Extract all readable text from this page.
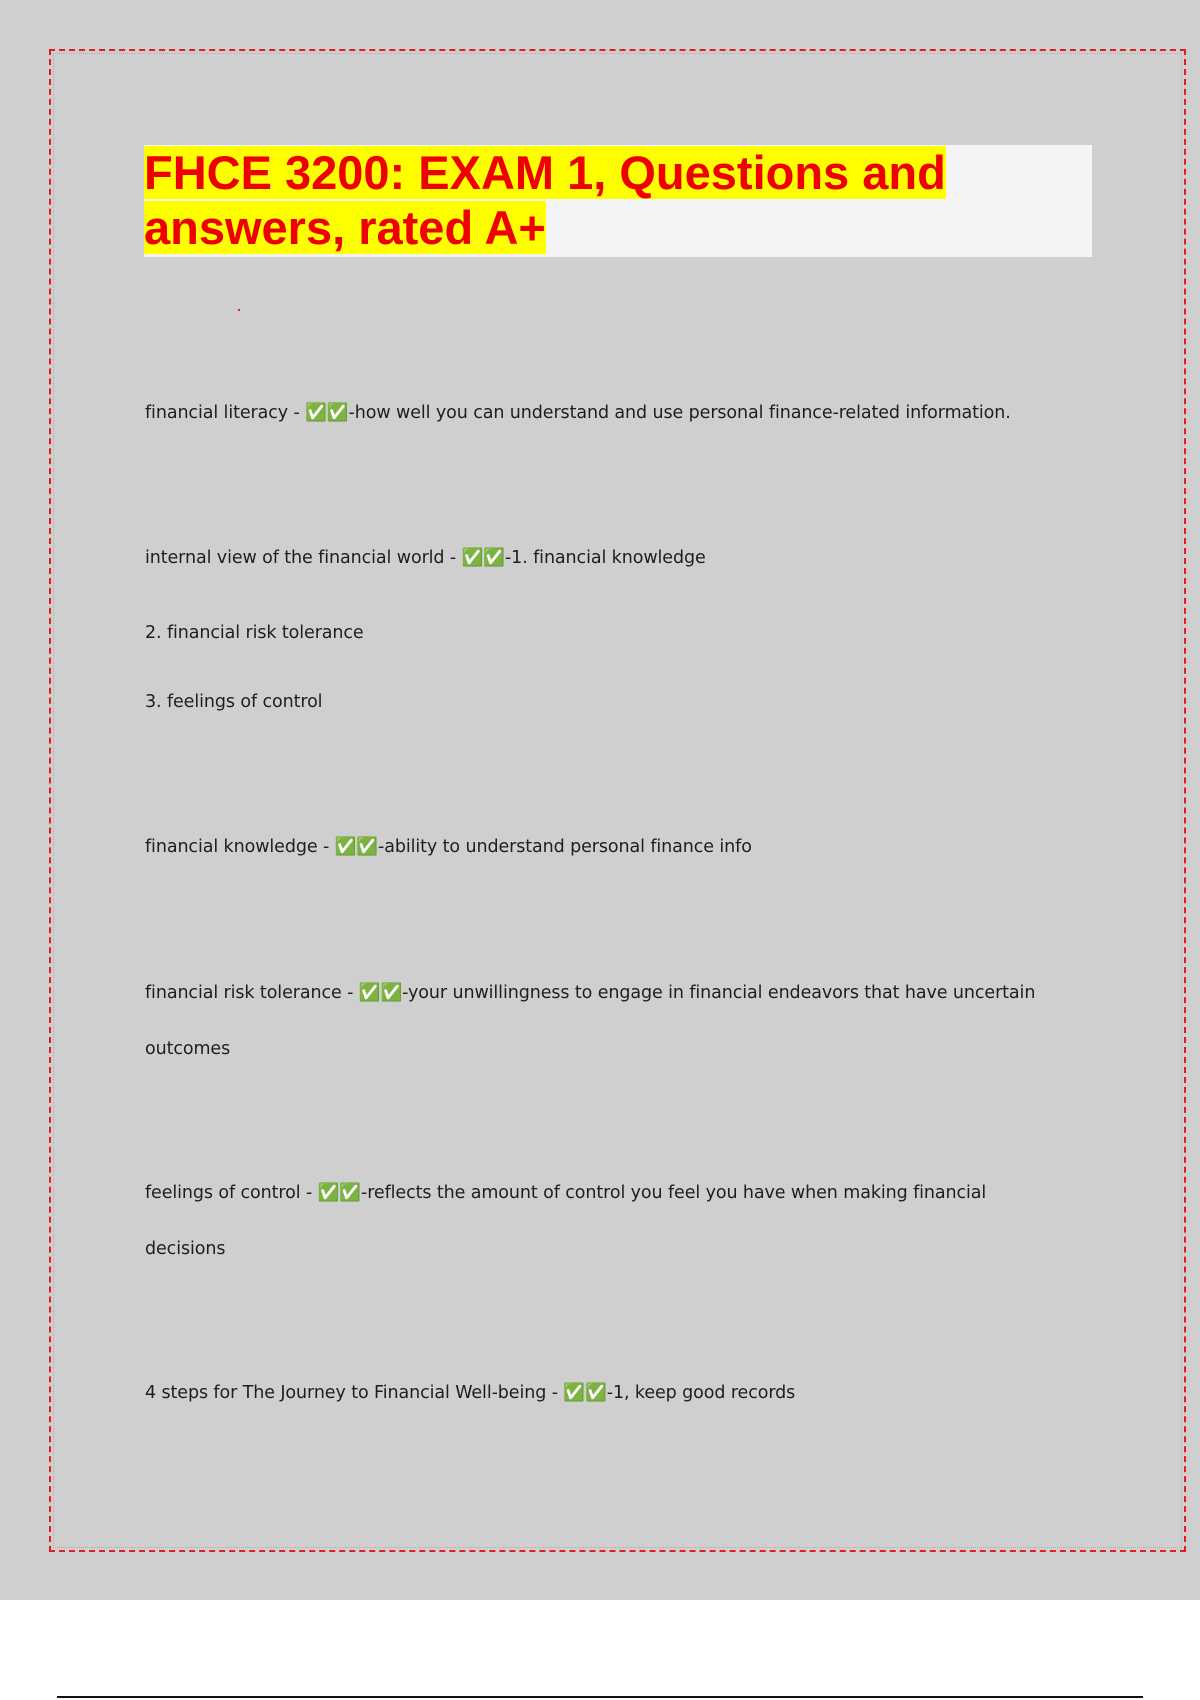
FHCE 3200: EXAM 1, Questions and
answers, rated A+
financial literacy - ✅✅-how well you can understand and use personal finance-related information.
internal view of the financial world - ✅✅-1. financial knowledge
2. financial risk tolerance
3. feelings of control
financial knowledge - ✅✅-ability to understand personal finance info
financial risk tolerance - ✅✅-your unwillingness to engage in financial endeavors that have uncertain
outcomes
feelings of control - ✅✅-reflects the amount of control you feel you have when making financial
decisions
4 steps for The Journey to Financial Well-being - ✅✅-1, keep good records
